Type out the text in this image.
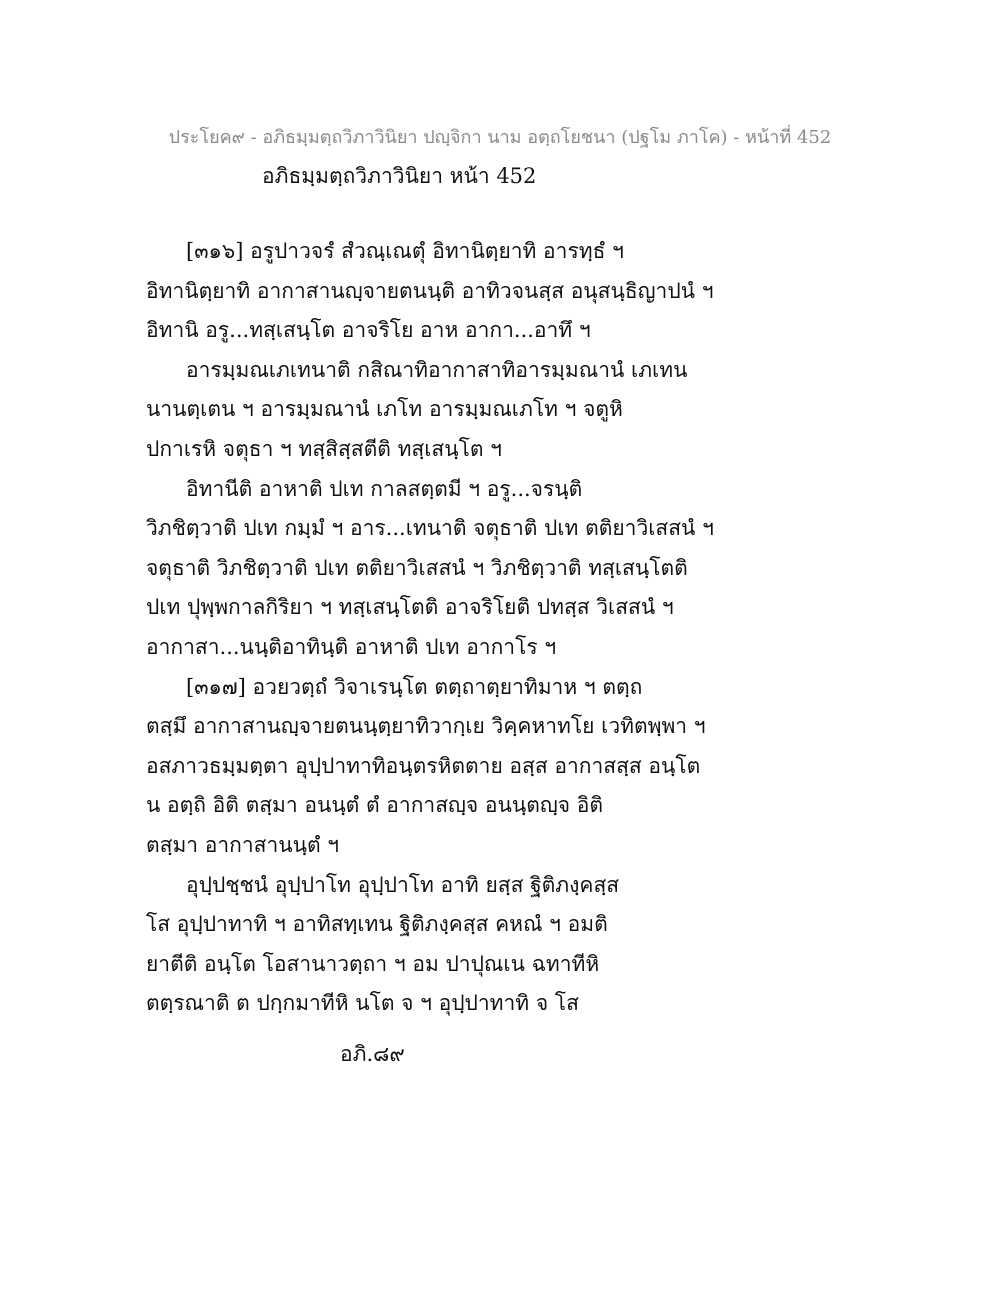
ประโยค๙ - อภิธมฺมตฺถวิภาวินิยา ปญฺจิกา นาม อตฺถโยชนา (ปฐโม ภาโค) - หน้าที่ 452
อภิธมฺมตฺถวิภาวินิยา หน้า 452
[๓๑๖] อรูปาวจรํ สํวณฺเณตุํ อิทานิตฺยาทิ อารทฺธํ ฯ
อิทานิตฺยาทิ อากาสานญฺจายตนนฺติ อาทิวจนสฺส อนุสนฺธิญาปนํ ฯ
อิทานิ อรู...ทสฺเสนฺโต อาจริโย อาห อากา...อาทึ ฯ
อารมฺมณเภเทนาติ กสิณาทิอากาสาทิอารมฺมณานํ เภเทน
นานตฺเตน ฯ อารมฺมณานํ เภโท อารมฺมณเภโท ฯ จตูหิ
ปกาเรหิ จตุธา ฯ ทสฺสิสฺสตีติ ทสฺเสนฺโต ฯ
อิทานีติ อาหาติ ปเท กาลสตฺตมี ฯ อรู...จรนฺติ
วิภชิตฺวาติ ปเท กมฺมํ ฯ อาร...เทนาติ จตุธาติ ปเท ตติยาวิเสสนํ ฯ
จตุธาติ วิภชิตฺวาติ ปเท ตติยาวิเสสนํ ฯ วิภชิตฺวาติ ทสฺเสนฺโตติ
ปเท ปุพฺพกาลกิริยา ฯ ทสฺเสนฺโตติ อาจริโยติ ปทสฺส วิเสสนํ ฯ
อากาสา...นนฺติอาทินฺติ อาหาติ ปเท อากาโร ฯ
[๓๑๗] อวยวตฺถํ วิจาเรนฺโต ตตฺถาตฺยาทิมาห ฯ ตตฺถ
ตสฺมึ อากาสานญฺจายตนนฺตฺยาทิวากฺเย วิคฺคหาทโย เวทิตพฺพา ฯ
อสภาวธมฺมตฺตา อุปฺปาทาทิอนฺตรหิตตาย อสฺส อากาสสฺส อนฺโต
น อตฺถิ อิติ ตสฺมา อนนฺตํ ตํ อากาสญฺจ อนนฺตญฺจ อิติ
ตสฺมา อากาสานนฺตํ ฯ
อุปฺปชฺชนํ อุปฺปาโท อุปฺปาโท อาทิ ยสฺส ฐิติภงฺคสฺส
โส อุปฺปาทาทิ ฯ อาทิสทฺเทน ฐิติภงฺคสฺส คหณํ ฯ อมติ
ยาตีติ อนฺโต โอสานาวตฺถา ฯ อม ปาปุณเน ฉทาทีหิ
ตตฺรณาติ ต ปกฺกมาทีหิ นโต จ ฯ อุปฺปาทาทิ จ โส
อภิ.๘๙
